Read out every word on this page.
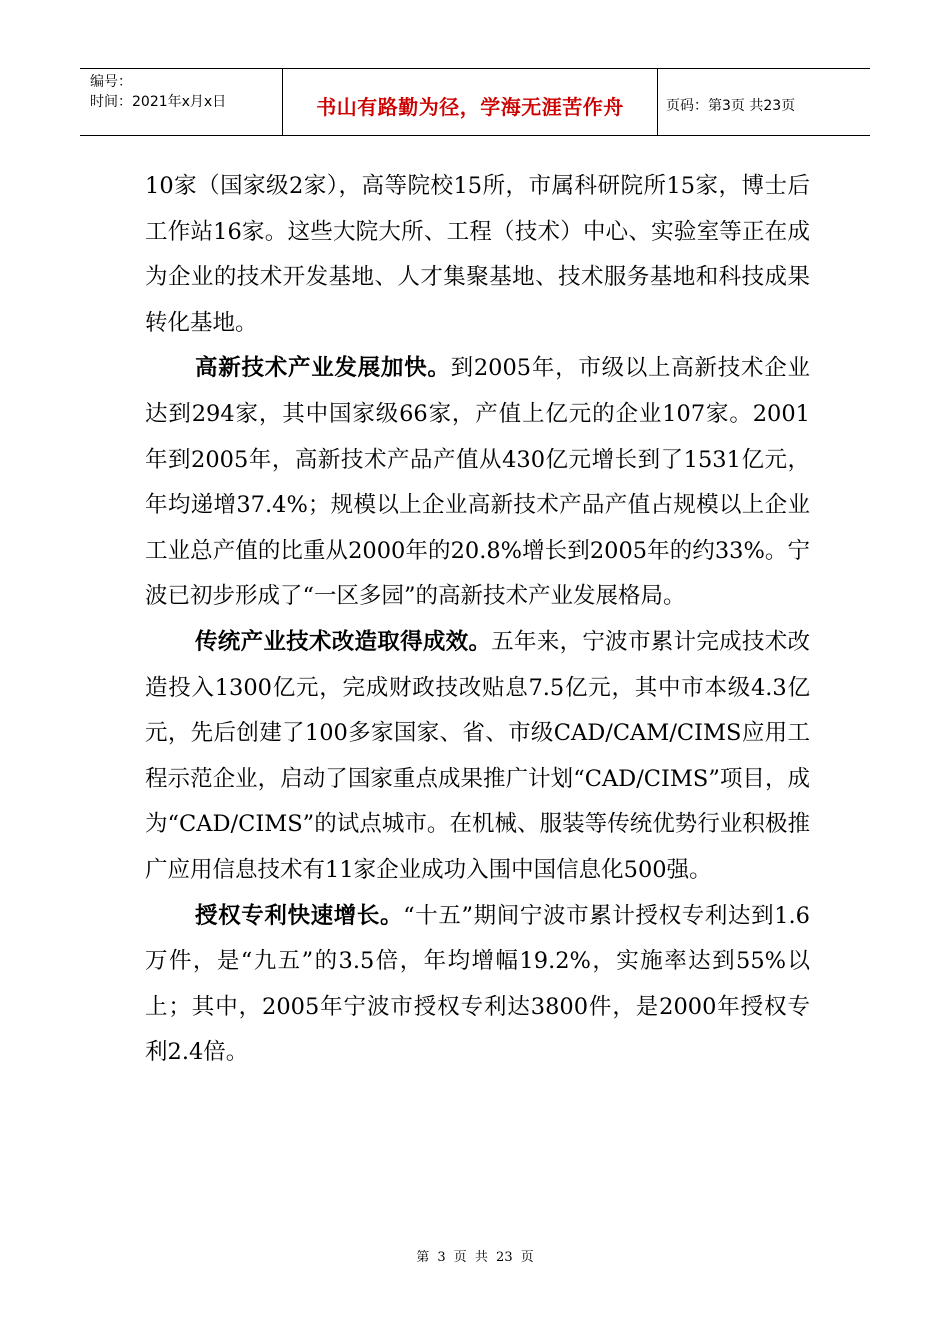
编号：
时间：2021年x月x日	书山有路勤为径，学海无涯苦作舟	页码：第3页 共23页

10家（国家级2家），高等院校15所，市属科研院所15家，博士后工作站16家。这些大院大所、工程（技术）中心、实验室等正在成为企业的技术开发基地、人才集聚基地、技术服务基地和科技成果转化基地。

高新技术产业发展加快。到2005年，市级以上高新技术企业达到294家，其中国家级66家，产值上亿元的企业107家。2001年到2005年，高新技术产品产值从430亿元增长到了1531亿元，年均递增37.4%；规模以上企业高新技术产品产值占规模以上企业工业总产值的比重从2000年的20.8%增长到2005年的约33%。宁波已初步形成了“一区多园”的高新技术产业发展格局。

传统产业技术改造取得成效。五年来，宁波市累计完成技术改造投入1300亿元，完成财政技改贴息7.5亿元，其中市本级4.3亿元，先后创建了100多家国家、省、市级CAD/CAM/CIMS应用工程示范企业，启动了国家重点成果推广计划“CAD/CIMS”项目，成为“CAD/CIMS”的试点城市。在机械、服装等传统优势行业积极推广应用信息技术有11家企业成功入围中国信息化500强。

授权专利快速增长。“十五”期间宁波市累计授权专利达到1.6万件，是“九五”的3.5倍，年均增幅19.2%，实施率达到55%以上；其中，2005年宁波市授权专利达3800件，是2000年授权专利2.4倍。

第 3 页 共 23 页
